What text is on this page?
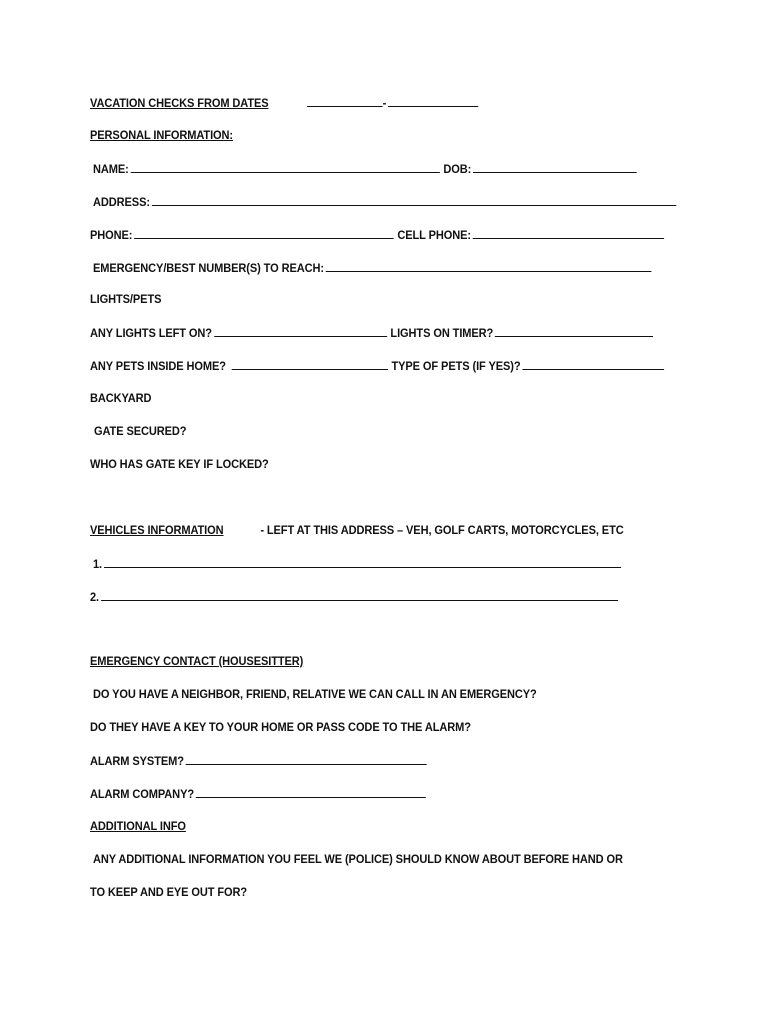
VACATION CHECKS FROM DATES	-
PERSONAL INFORMATION:
NAME:	DOB:
ADDRESS:
PHONE:	CELL PHONE:
EMERGENCY/BEST NUMBER(S) TO REACH:
LIGHTS/PETS
ANY LIGHTS LEFT ON?	LIGHTS ON TIMER?
ANY PETS INSIDE HOME?	TYPE OF PETS (IF YES)?
BACKYARD
GATE SECURED?
WHO HAS GATE KEY IF LOCKED?
VEHICLES INFORMATION	- LEFT AT THIS ADDRESS – VEH, GOLF CARTS, MOTORCYCLES, ETC
1.
2.
EMERGENCY CONTACT (HOUSESITTER)
DO YOU HAVE A NEIGHBOR, FRIEND, RELATIVE WE CAN CALL IN AN EMERGENCY?
DO THEY HAVE A KEY TO YOUR HOME OR PASS CODE TO THE ALARM?
ALARM SYSTEM?
ALARM COMPANY?
ADDITIONAL INFO
ANY ADDITIONAL INFORMATION YOU FEEL WE (POLICE) SHOULD KNOW ABOUT BEFORE HAND OR
TO KEEP AND EYE OUT FOR?
